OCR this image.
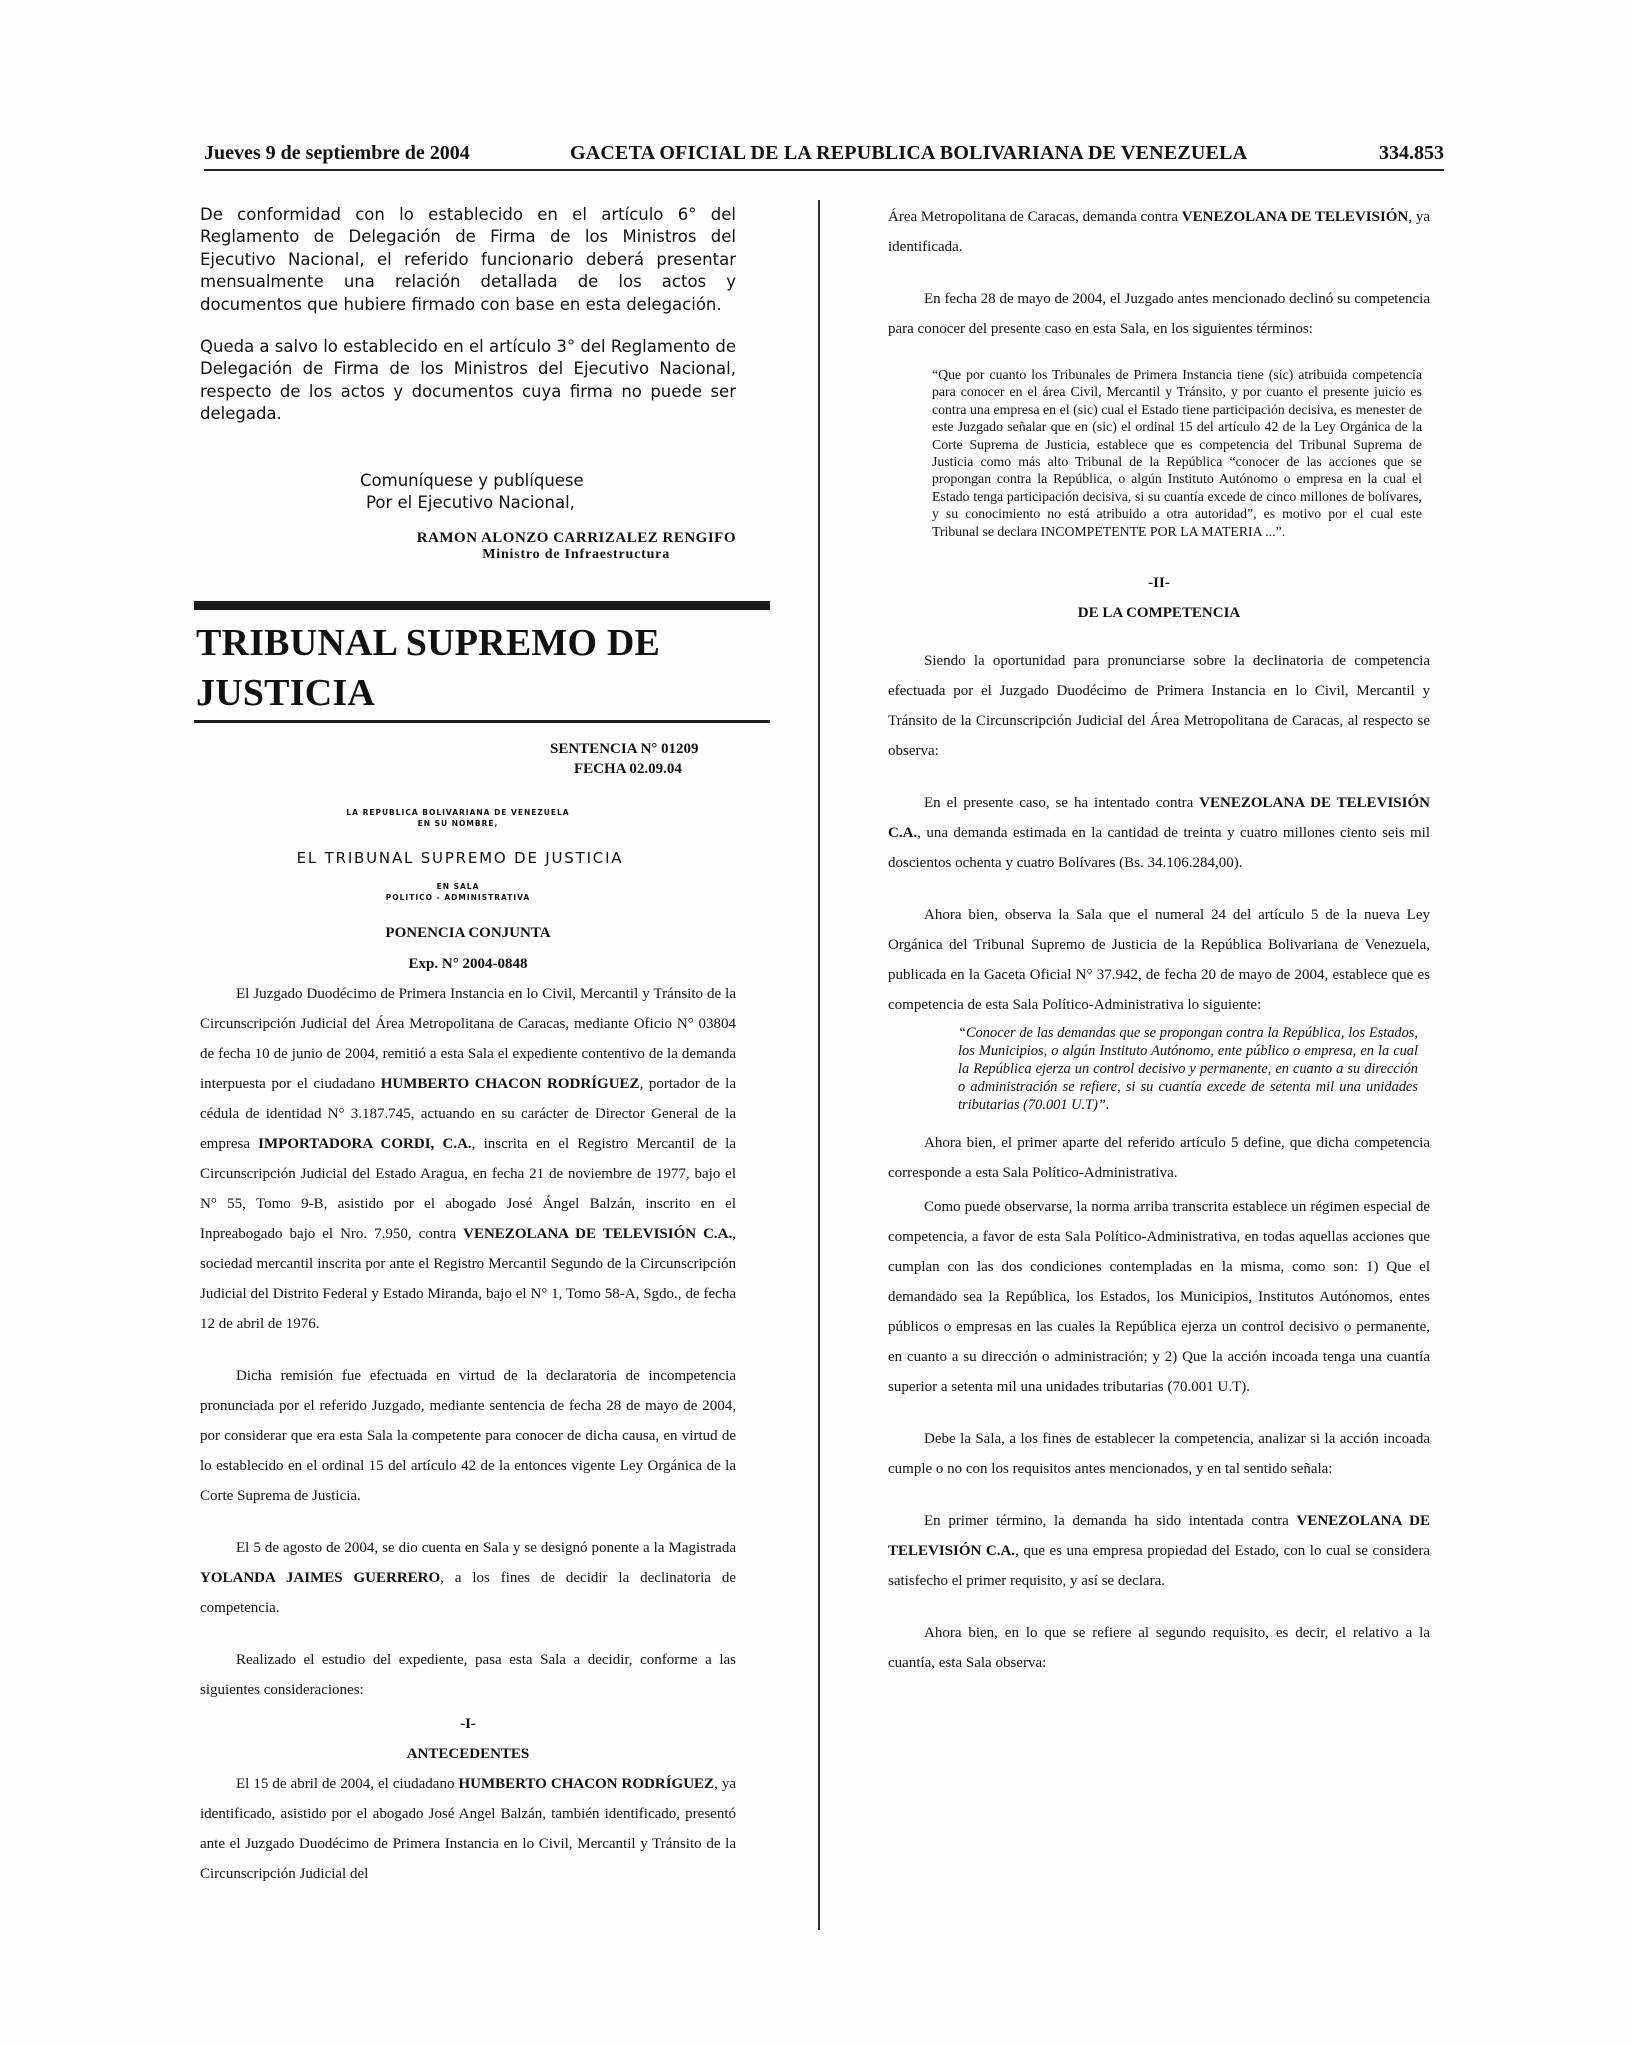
Jueves 9 de septiembre de 2004	GACETA OFICIAL DE LA REPUBLICA BOLIVARIANA DE VENEZUELA	334.853

De conformidad con lo establecido en el artículo 6° del Reglamento de Delegación de Firma de los Ministros del Ejecutivo Nacional, el referido funcionario deberá presentar mensualmente una relación detallada de los actos y documentos que hubiere firmado con base en esta delegación.

Queda a salvo lo establecido en el artículo 3° del Reglamento de Delegación de Firma de los Ministros del Ejecutivo Nacional, respecto de los actos y documentos cuya firma no puede ser delegada.

Comuníquese y publíquese
Por el Ejecutivo Nacional,
RAMON ALONZO CARRIZALEZ RENGIFO
Ministro de Infraestructura
TRIBUNAL SUPREMO DE JUSTICIA
SENTENCIA N° 01209
FECHA 02.09.04
LA REPUBLICA BOLIVARIANA DE VENEZUELA
EN SU NOMBRE,
EL TRIBUNAL SUPREMO DE JUSTICIA
EN SALA
POLITICO - ADMINISTRATIVA
PONENCIA CONJUNTA
Exp. N° 2004-0848

El Juzgado Duodécimo de Primera Instancia en lo Civil, Mercantil y Tránsito de la Circunscripción Judicial del Área Metropolitana de Caracas, mediante Oficio N° 03804 de fecha 10 de junio de 2004, remitió a esta Sala el expediente contentivo de la demanda interpuesta por el ciudadano HUMBERTO CHACON RODRÍGUEZ, portador de la cédula de identidad N° 3.187.745, actuando en su carácter de Director General de la empresa IMPORTADORA CORDI, C.A., inscrita en el Registro Mercantil de la Circunscripción Judicial del Estado Aragua, en fecha 21 de noviembre de 1977, bajo el N° 55, Tomo 9-B, asistido por el abogado José Ángel Balzán, inscrito en el Inpreabogado bajo el Nro. 7.950, contra VENEZOLANA DE TELEVISIÓN C.A., sociedad mercantil inscrita por ante el Registro Mercantil Segundo de la Circunscripción Judicial del Distrito Federal y Estado Miranda, bajo el N° 1, Tomo 58-A, Sgdo., de fecha 12 de abril de 1976.

Dicha remisión fue efectuada en virtud de la declaratoria de incompetencia pronunciada por el referido Juzgado, mediante sentencia de fecha 28 de mayo de 2004, por considerar que era esta Sala la competente para conocer de dicha causa, en virtud de lo establecido en el ordinal 15 del artículo 42 de la entonces vigente Ley Orgánica de la Corte Suprema de Justicia.

El 5 de agosto de 2004, se dio cuenta en Sala y se designó ponente a la Magistrada YOLANDA JAIMES GUERRERO, a los fines de decidir la declinatoria de competencia.

Realizado el estudio del expediente, pasa esta Sala a decidir, conforme a las siguientes consideraciones:

-I-
ANTECEDENTES

El 15 de abril de 2004, el ciudadano HUMBERTO CHACON RODRÍGUEZ, ya identificado, asistido por el abogado José Angel Balzán, también identificado, presentó ante el Juzgado Duodécimo de Primera Instancia en lo Civil, Mercantil y Tránsito de la Circunscripción Judicial del

Área Metropolitana de Caracas, demanda contra VENEZOLANA DE TELEVISIÓN, ya identificada.

En fecha 28 de mayo de 2004, el Juzgado antes mencionado declinó su competencia para conocer del presente caso en esta Sala, en los siguientes términos:

“Que por cuanto los Tribunales de Primera Instancia tiene (sic) atribuida competencia para conocer en el área Civil, Mercantil y Tránsito, y por cuanto el presente juicio es contra una empresa en el (sic) cual el Estado tiene participación decisiva, es menester de este Juzgado señalar que en (sic) el ordinal 15 del artículo 42 de la Ley Orgánica de la Corte Suprema de Justicia, establece que es competencia del Tribunal Suprema de Justicia como más alto Tribunal de la República “conocer de las acciones que se propongan contra la República, o algún Instituto Autónomo o empresa en la cual el Estado tenga participación decisiva, si su cuantía excede de cinco millones de bolívares, y su conocimiento no está atribuido a otra autoridad”, es motivo por el cual este Tribunal se declara INCOMPETENTE POR LA MATERIA ...”.

-II-
DE LA COMPETENCIA

Siendo la oportunidad para pronunciarse sobre la declinatoria de competencia efectuada por el Juzgado Duodécimo de Primera Instancia en lo Civil, Mercantil y Tránsito de la Circunscripción Judicial del Área Metropolitana de Caracas, al respecto se observa:

En el presente caso, se ha intentado contra VENEZOLANA DE TELEVISIÓN C.A., una demanda estimada en la cantidad de treinta y cuatro millones ciento seis mil doscientos ochenta y cuatro Bolívares (Bs. 34.106.284,00).

Ahora bien, observa la Sala que el numeral 24 del artículo 5 de la nueva Ley Orgánica del Tribunal Supremo de Justicia de la República Bolivariana de Venezuela, publicada en la Gaceta Oficial N° 37.942, de fecha 20 de mayo de 2004, establece que es competencia de esta Sala Político-Administrativa lo siguiente:

“Conocer de las demandas que se propongan contra la República, los Estados, los Municipios, o algún Instituto Autónomo, ente público o empresa, en la cual la República ejerza un control decisivo y permanente, en cuanto a su dirección o administración se refiere, si su cuantía excede de setenta mil una unidades tributarias (70.001 U.T)”.

Ahora bien, el primer aparte del referido artículo 5 define, que dicha competencia corresponde a esta Sala Político-Administrativa.

Como puede observarse, la norma arriba transcrita establece un régimen especial de competencia, a favor de esta Sala Político-Administrativa, en todas aquellas acciones que cumplan con las dos condiciones contempladas en la misma, como son: 1) Que el demandado sea la República, los Estados, los Municipios, Institutos Autónomos, entes públicos o empresas en las cuales la República ejerza un control decisivo o permanente, en cuanto a su dirección o administración; y 2) Que la acción incoada tenga una cuantía superior a setenta mil una unidades tributarias (70.001 U.T).

Debe la Sala, a los fines de establecer la competencia, analizar si la acción incoada cumple o no con los requisitos antes mencionados, y en tal sentido señala:

En primer término, la demanda ha sido intentada contra VENEZOLANA DE TELEVISIÓN C.A., que es una empresa propiedad del Estado, con lo cual se considera satisfecho el primer requisito, y así se declara.

Ahora bien, en lo que se refiere al segundo requisito, es decir, el relativo a la cuantía, esta Sala observa:
